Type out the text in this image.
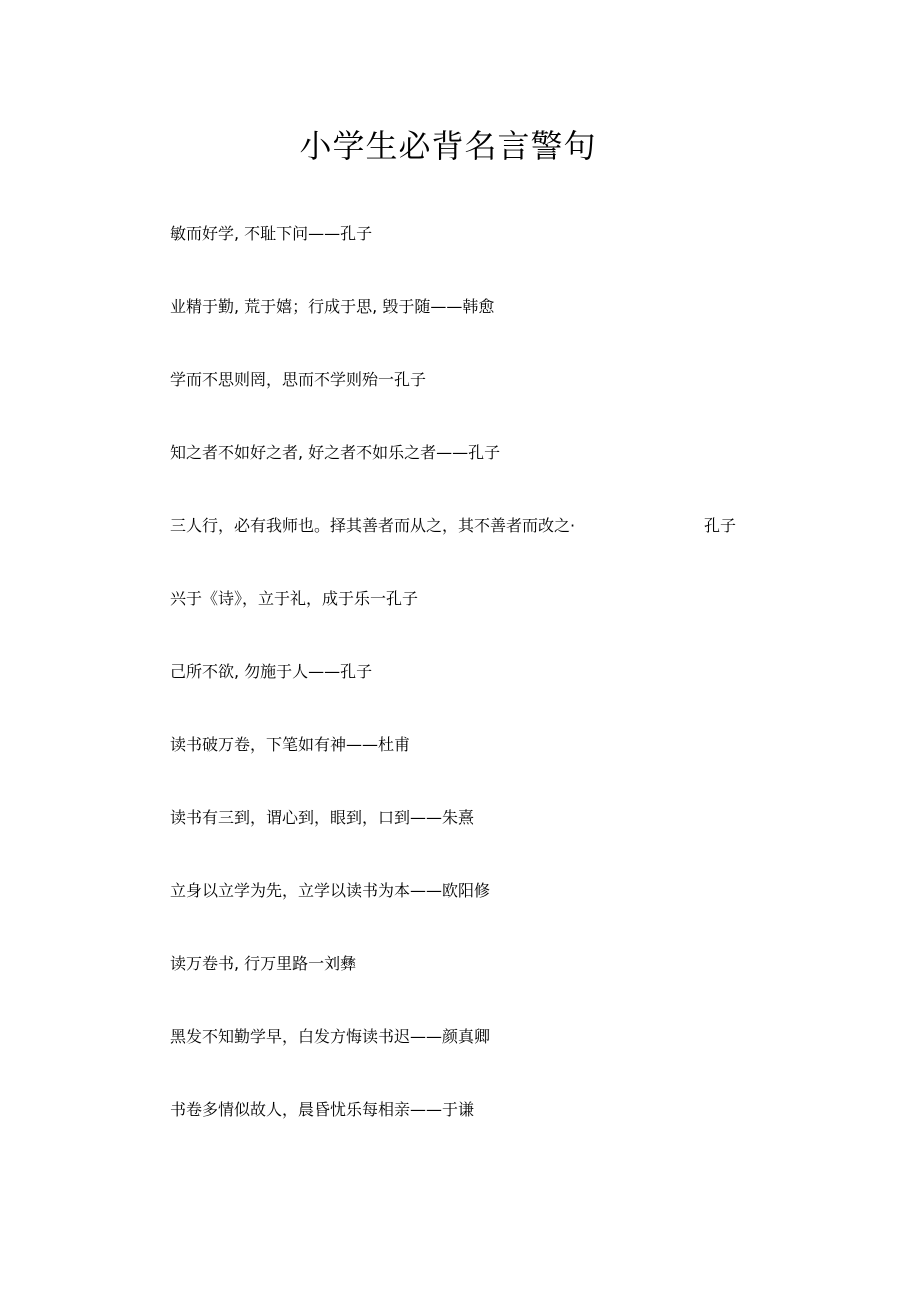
小学生必背名言警句
敏而好学, 不耻下问——孔子
业精于勤, 荒于嬉；行成于思, 毁于随——韩愈
学而不思则罔，思而不学则殆一孔子
知之者不如好之者, 好之者不如乐之者——孔子
三人行，必有我师也。择其善者而从之，其不善者而改之·	孔子
兴于《诗》，立于礼，成于乐一孔子
己所不欲, 勿施于人——孔子
读书破万卷，下笔如有神——杜甫
读书有三到，谓心到，眼到，口到——朱熹
立身以立学为先，立学以读书为本——欧阳修
读万卷书, 行万里路一刘彝
黑发不知勤学早，白发方悔读书迟——颜真卿
书卷多情似故人，晨昏忧乐每相亲——于谦
